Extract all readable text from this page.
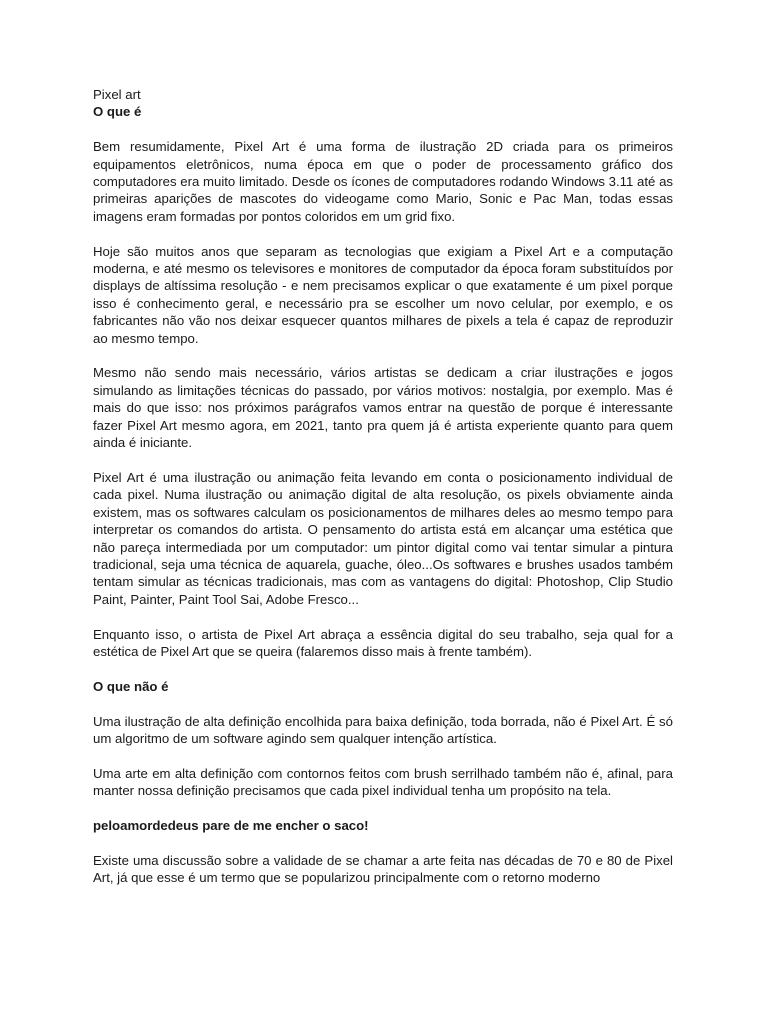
Pixel art

O que é

Bem resumidamente, Pixel Art é uma forma de ilustração 2D criada para os primeiros equipamentos eletrônicos, numa época em que o poder de processamento gráfico dos computadores era muito limitado. Desde os ícones de computadores rodando Windows 3.11 até as primeiras aparições de mascotes do videogame como Mario, Sonic e Pac Man, todas essas imagens eram formadas por pontos coloridos em um grid fixo.

Hoje são muitos anos que separam as tecnologias que exigiam a Pixel Art e a computação moderna, e até mesmo os televisores e monitores de computador da época foram substituídos por displays de altíssima resolução - e nem precisamos explicar o que exatamente é um pixel porque isso é conhecimento geral, e necessário pra se escolher um novo celular, por exemplo, e os fabricantes não vão nos deixar esquecer quantos milhares de pixels a tela é capaz de reproduzir ao mesmo tempo.

Mesmo não sendo mais necessário, vários artistas se dedicam a criar ilustrações e jogos simulando as limitações técnicas do passado, por vários motivos: nostalgia, por exemplo. Mas é mais do que isso: nos próximos parágrafos vamos entrar na questão de porque é interessante fazer Pixel Art mesmo agora, em 2021, tanto pra quem já é artista experiente quanto para quem ainda é iniciante.

Pixel Art é uma ilustração ou animação feita levando em conta o posicionamento individual de cada pixel. Numa ilustração ou animação digital de alta resolução, os pixels obviamente ainda existem, mas os softwares calculam os posicionamentos de milhares deles ao mesmo tempo para interpretar os comandos do artista. O pensamento do artista está em alcançar uma estética que não pareça intermediada por um computador: um pintor digital como vai tentar simular a pintura tradicional, seja uma técnica de aquarela, guache, óleo...Os softwares e brushes usados também tentam simular as técnicas tradicionais, mas com as vantagens do digital: Photoshop, Clip Studio Paint, Painter, Paint Tool Sai, Adobe Fresco...

Enquanto isso, o artista de Pixel Art abraça a essência digital do seu trabalho, seja qual for a estética de Pixel Art que se queira (falaremos disso mais à frente também).

O que não é

Uma ilustração de alta definição encolhida para baixa definição, toda borrada, não é Pixel Art. É só um algoritmo de um software agindo sem qualquer intenção artística.

Uma arte em alta definição com contornos feitos com brush serrilhado também não é, afinal, para manter nossa definição precisamos que cada pixel individual tenha um propósito na tela.

peloamordedeus pare de me encher o saco!

Existe uma discussão sobre a validade de se chamar a arte feita nas décadas de 70 e 80 de Pixel Art, já que esse é um termo que se popularizou principalmente com o retorno moderno
